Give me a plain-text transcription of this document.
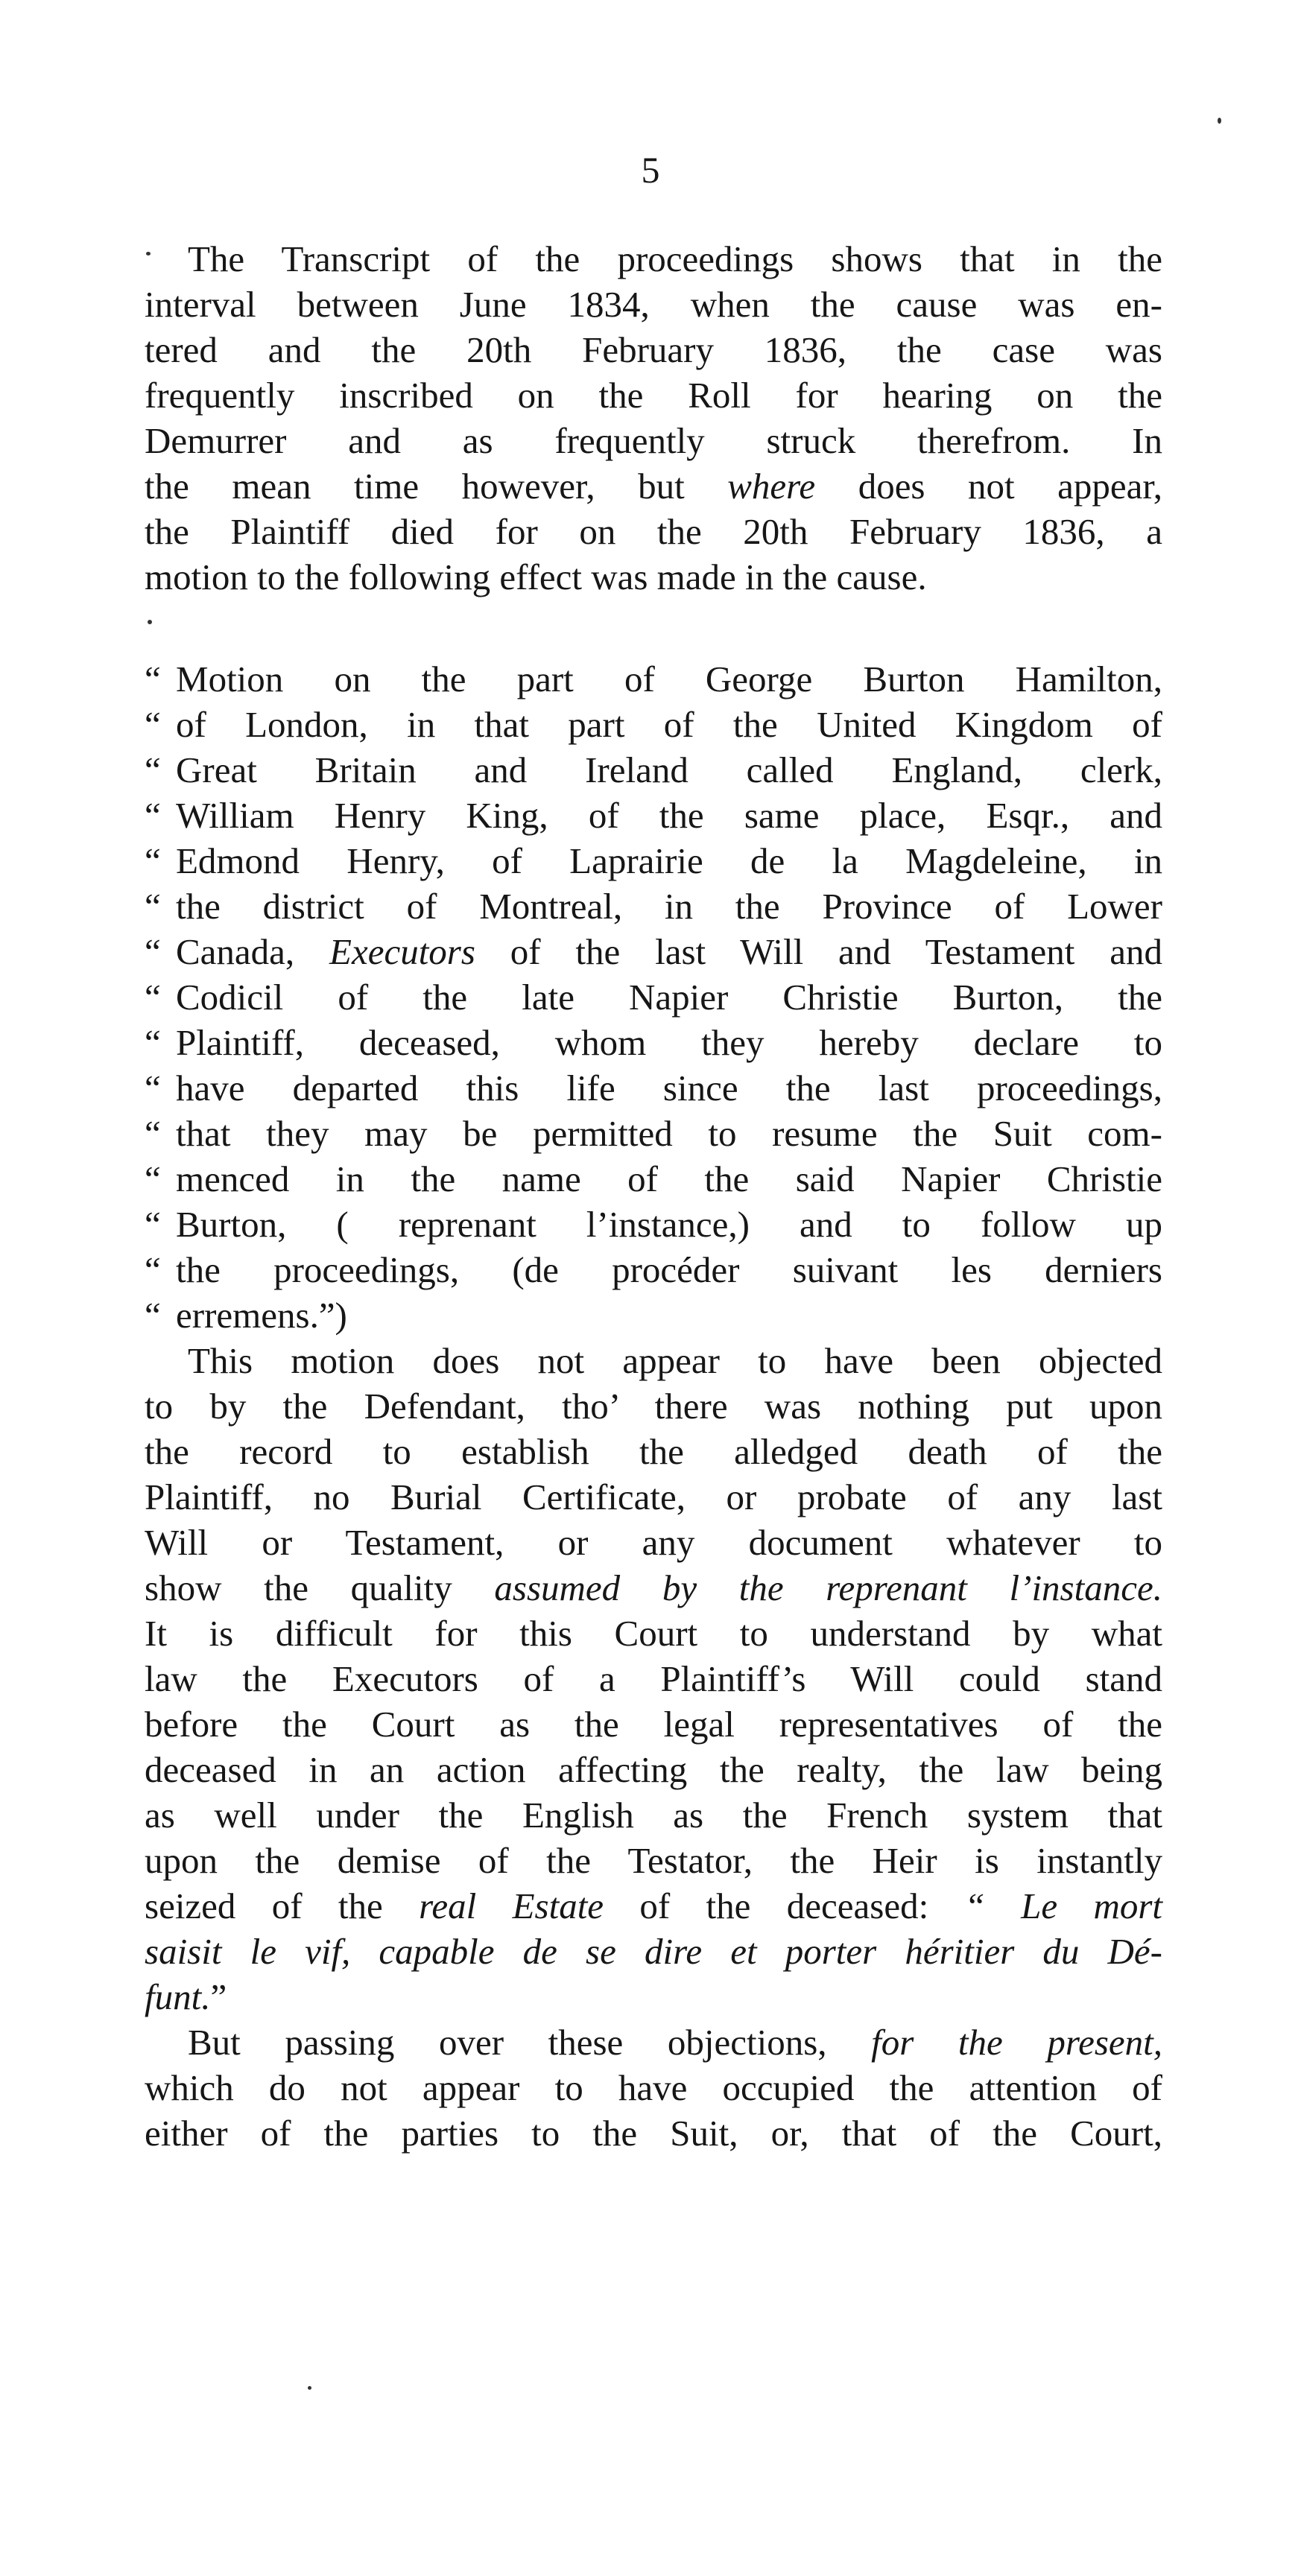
5
The Transcript of the proceedings shows that in the
interval between June 1834, when the cause was en-
tered and the 20th February 1836, the case was
frequently inscribed on the Roll for hearing on the
Demurrer and as frequently struck therefrom. In
the mean time however, but where does not appear,
the Plaintiff died for on the 20th February 1836, a
motion to the following effect was made in the cause.
“ Motion on the part of George Burton Hamilton,
“ of London, in that part of the United Kingdom of
“ Great Britain and Ireland called England, clerk,
“ William Henry King, of the same place, Esqr., and
“ Edmond Henry, of Laprairie de la Magdeleine, in
“ the district of Montreal, in the Province of Lower
“ Canada, Executors of the last Will and Testament and
“ Codicil of the late Napier Christie Burton, the
“ Plaintiff, deceased, whom they hereby declare to
“ have departed this life since the last proceedings,
“ that they may be permitted to resume the Suit com-
“ menced in the name of the said Napier Christie
“ Burton, ( reprenant l’instance,) and to follow up
“ the proceedings, (de procéder suivant les derniers
“ erremens.”)
This motion does not appear to have been objected
to by the Defendant, tho’ there was nothing put upon
the record to establish the alledged death of the
Plaintiff, no Burial Certificate, or probate of any last
Will or Testament, or any document whatever to
show the quality assumed by the reprenant l’instance.
It is difficult for this Court to understand by what
law the Executors of a Plaintiff’s Will could stand
before the Court as the legal representatives of the
deceased in an action affecting the realty, the law being
as well under the English as the French system that
upon the demise of the Testator, the Heir is instantly
seized of the real Estate of the deceased: “ Le mort
saisit le vif, capable de se dire et porter héritier du Dé-
funt.”
But passing over these objections, for the present,
which do not appear to have occupied the attention of
either of the parties to the Suit, or, that of the Court,
